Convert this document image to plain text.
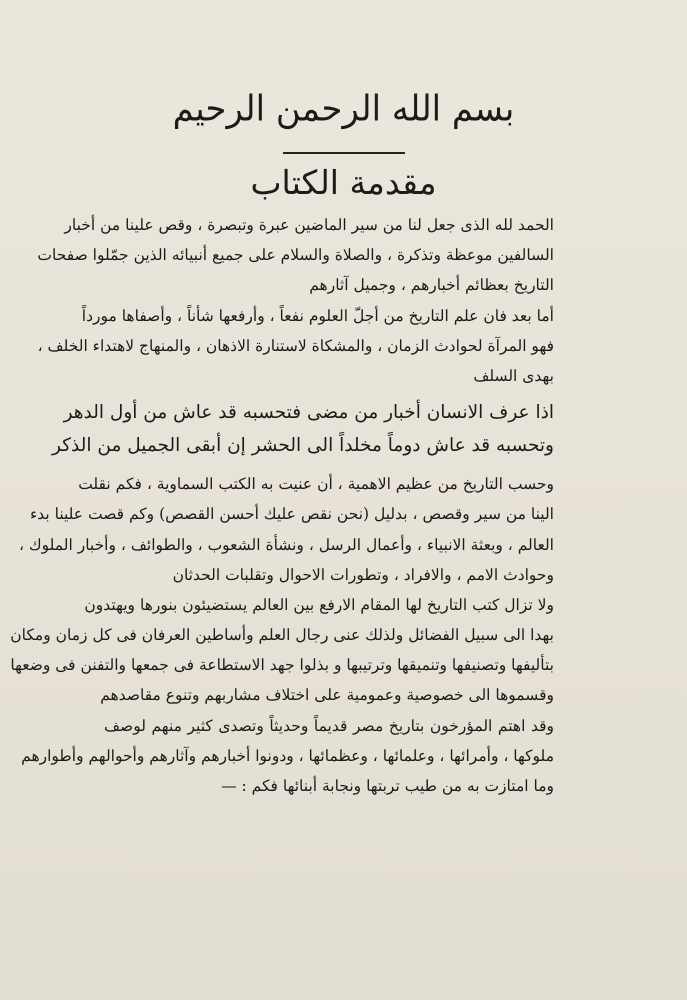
بسم الله الرحمن الرحيم
مقدمة الكتاب
الحمد لله الذى جعل لنا من سير الماضين عبرة وتبصرة ، وقص علينا من أخبار
السالفين موعظة وتذكرة ، والصلاة والسلام على جميع أنبيائه الذين جمّلوا صفحات
التاريخ بعظائم أخبارهم ، وجميل آثارهم
أما بعد فان علم التاريخ من أجلّ العلوم نفعاً ، وأرفعها شأناً ، وأصفاها مورداً
فهو المرآة لحوادث الزمان ، والمشكاة لاستنارة الاذهان ، والمنهاج لاهتداء الخلف ،
بهدى السلف
اذا عرف الانسان أخبار من مضى فتحسبه قد عاش من أول الدهر
وتحسبه قد عاش دوماً مخلداً الى الحشر إن أبقى الجميل من الذكر
وحسب التاريخ من عظيم الاهمية ، أن عنيت به الكتب السماوية ، فكم نقلت
الينا من سير وقصص ، بدليل (نحن نقص عليك أحسن القصص) وكم قصت علينا بدء
العالم ، وبعثة الانبياء ، وأعمال الرسل ، ونشأة الشعوب ، والطوائف ، وأخبار الملوك ،
وحوادث الامم ، والافراد ، وتطورات الاحوال وتقلبات الحدثان
ولا تزال كتب التاريخ لها المقام الارفع بين العالم يستضيئون بنورها ويهتدون
بهدا الى سبيل الفضائل ولذلك عنى رجال العلم وأساطين العرفان فى كل زمان ومكان
بتأليفها وتصنيفها وتنميقها وترتيبها و بذلوا جهد الاستطاعة فى جمعها والتفنن فى وضعها
وقسموها الى خصوصية وعمومية على اختلاف مشاربهم وتنوع مقاصدهم
وقد اهتم المؤرخون بتاريخ مصر قديماً وحديثاً وتصدى كثير منهم لوصف
ملوكها ، وأمرائها ، وعلمائها ، وعظمائها ، ودونوا أخبارهم وآثارهم وأحوالهم وأطوارهم
وما امتازت به من طيب تربتها ونجابة أبنائها فكم : —
